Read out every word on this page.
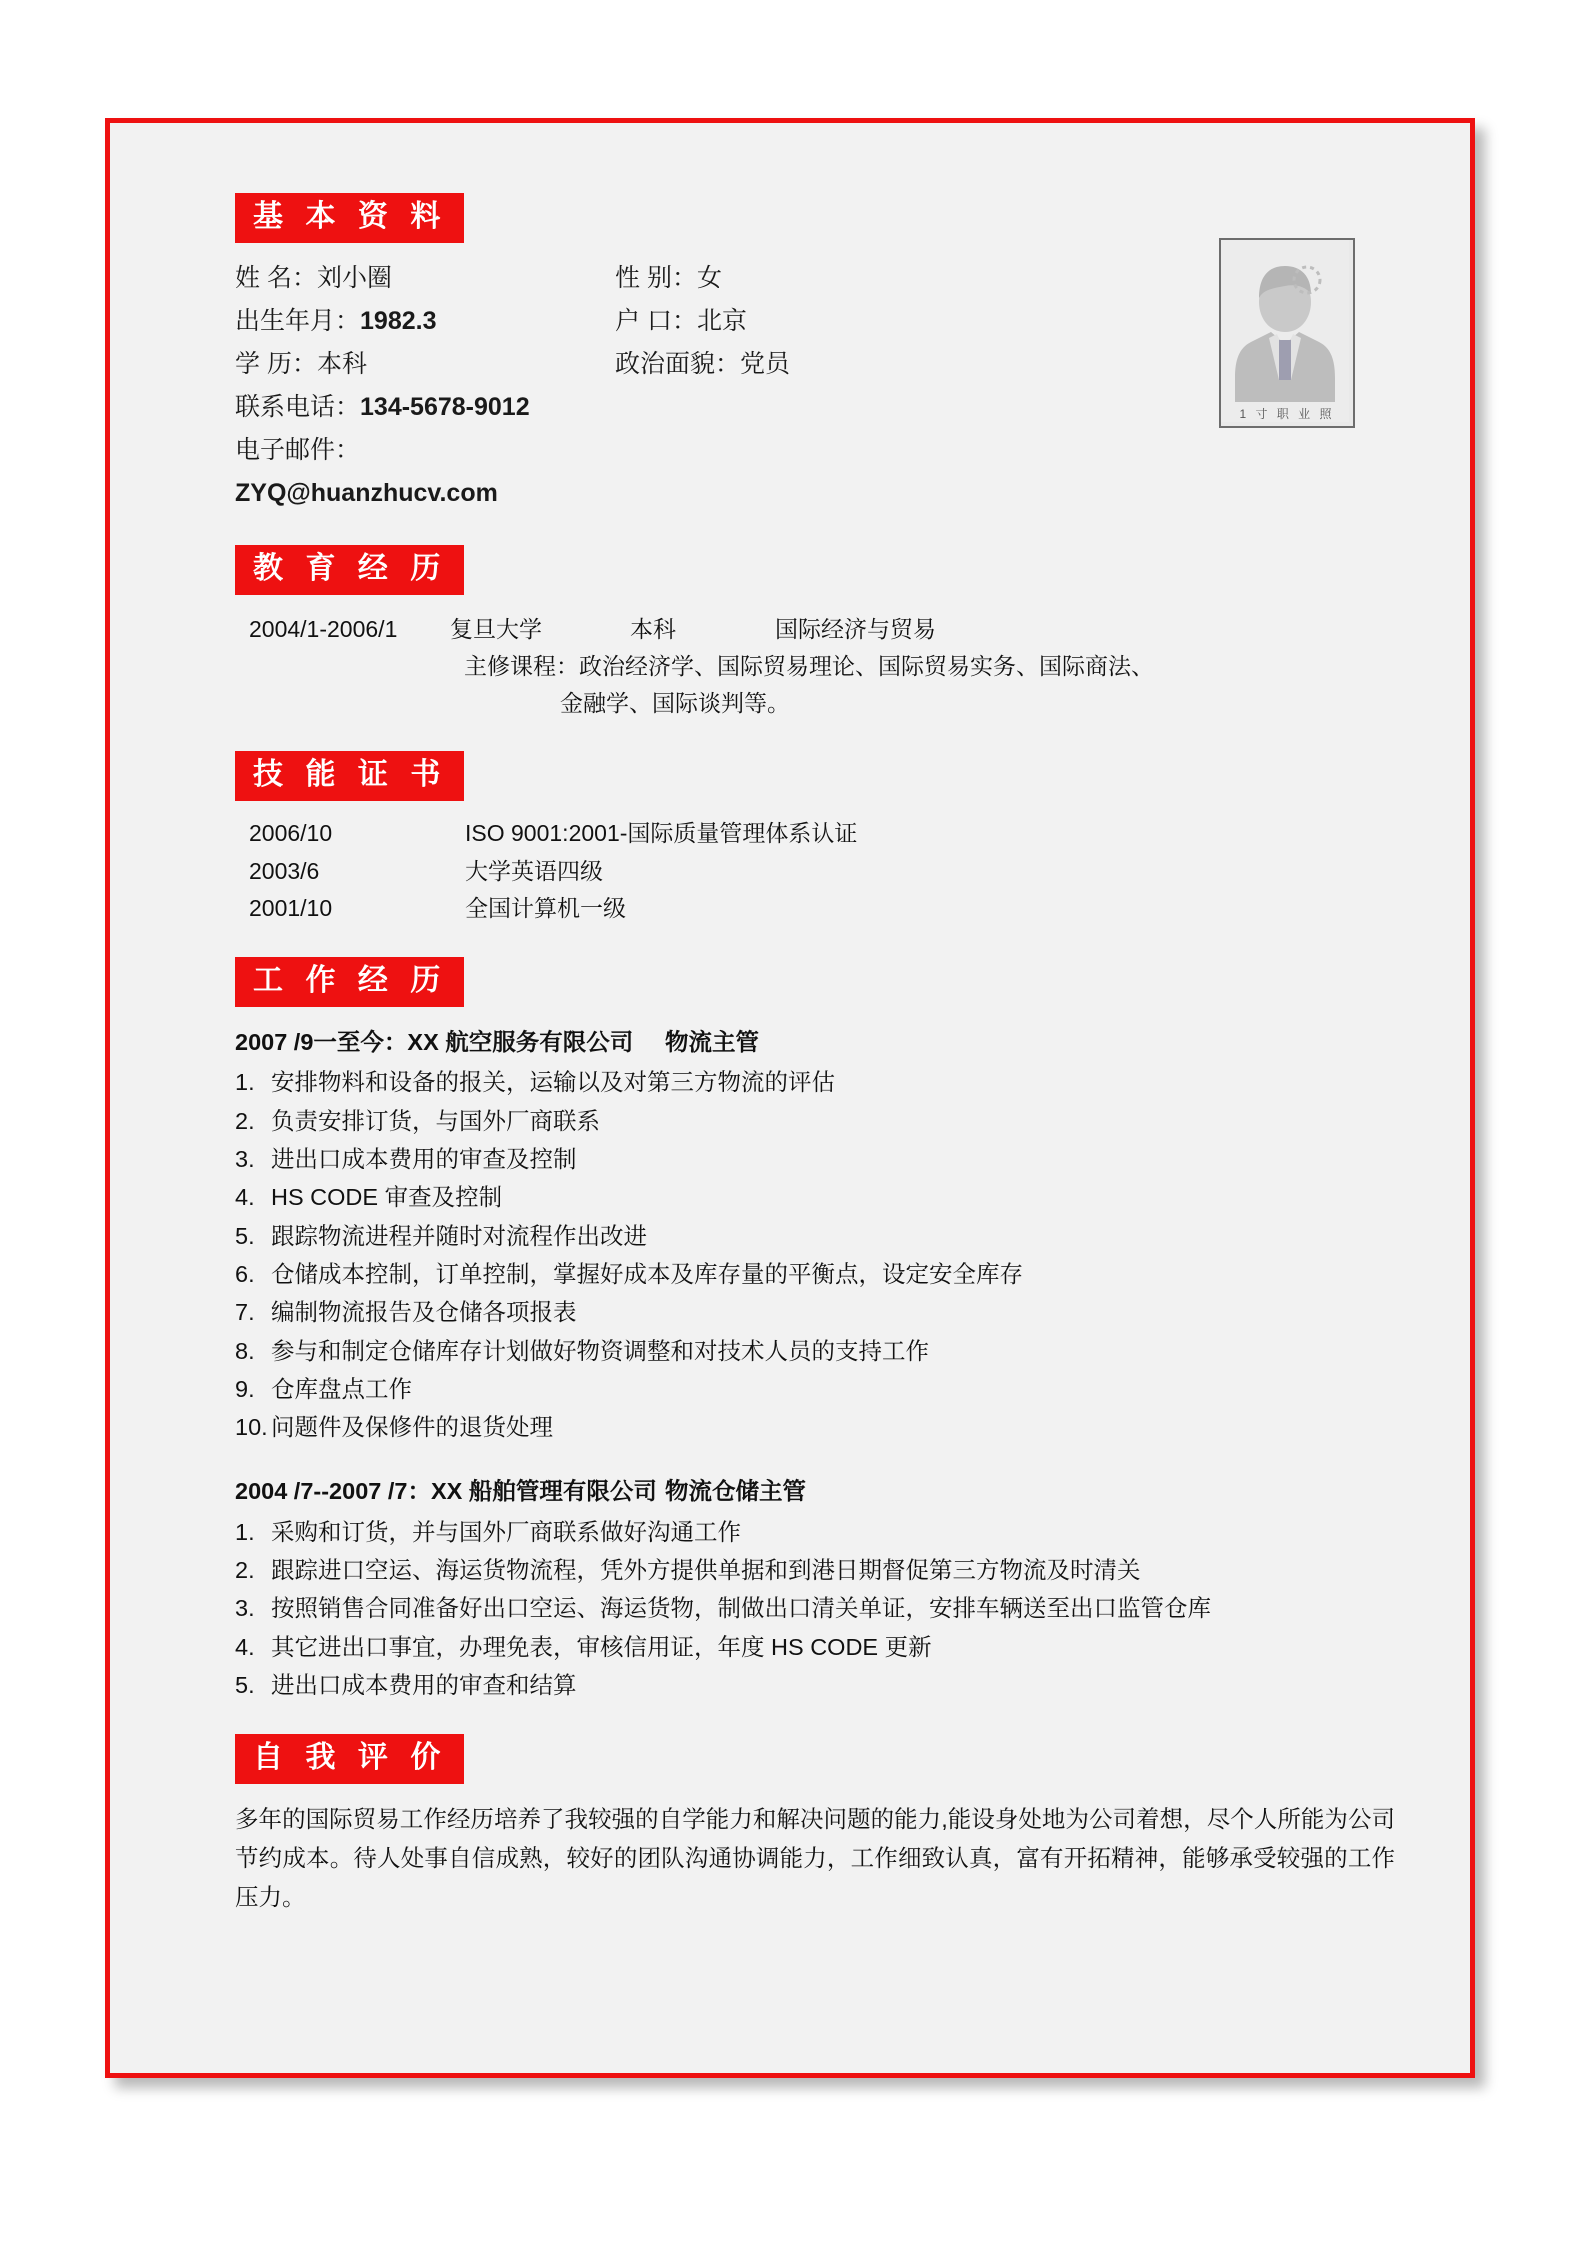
基 本 资 料
姓 名：刘小圈	性 别：女
出生年月：1982.3	户 口：北京
学 历：本科	政治面貌：党员
联系电话：134-5678-9012
电子邮件：ZYQ@huanzhucv.com
1 寸 职 业 照
教 育 经 历
2004/1-2006/1	复旦大学	本科	国际经济与贸易
主修课程：政治经济学、国际贸易理论、国际贸易实务、国际商法、
金融学、国际谈判等。
技 能 证 书
2006/10	ISO 9001:2001-国际质量管理体系认证
2003/6	大学英语四级
2001/10	全国计算机一级
工 作 经 历
2007 /9一至今：XX 航空服务有限公司	物流主管
1. 安排物料和设备的报关，运输以及对第三方物流的评估
2. 负责安排订货，与国外厂商联系
3. 进出口成本费用的审查及控制
4. HS CODE 审查及控制
5. 跟踪物流进程并随时对流程作出改进
6. 仓储成本控制，订单控制，掌握好成本及库存量的平衡点，设定安全库存
7. 编制物流报告及仓储各项报表
8. 参与和制定仓储库存计划做好物资调整和对技术人员的支持工作
9. 仓库盘点工作
10. 问题件及保修件的退货处理
2004 /7--2007 /7：XX 船舶管理有限公司 物流仓储主管
1. 采购和订货，并与国外厂商联系做好沟通工作
2. 跟踪进口空运、海运货物流程，凭外方提供单据和到港日期督促第三方物流及时清关
3. 按照销售合同准备好出口空运、海运货物，制做出口清关单证，安排车辆送至出口监管仓库
4. 其它进出口事宜，办理免表，审核信用证，年度 HS CODE 更新
5. 进出口成本费用的审查和结算
自 我 评 价
多年的国际贸易工作经历培养了我较强的自学能力和解决问题的能力,能设身处地为公司着想，尽个人所能为公司节约成本。待人处事自信成熟，较好的团队沟通协调能力，工作细致认真，富有开拓精神，能够承受较强的工作压力。
